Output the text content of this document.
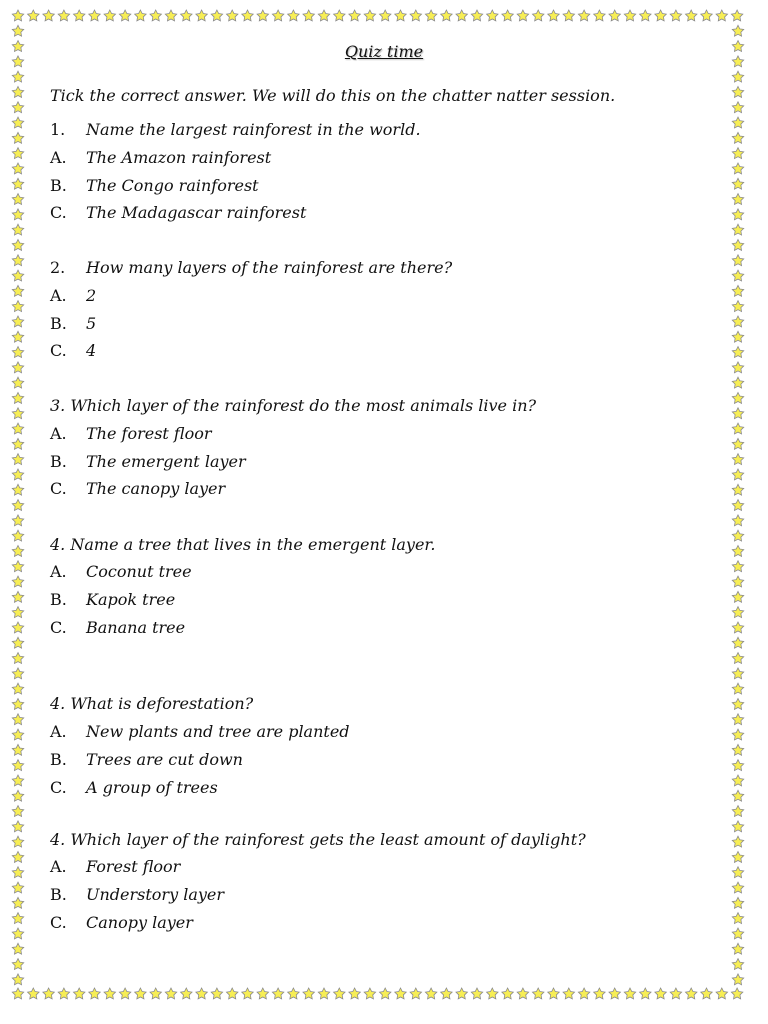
Quiz time
Tick the correct answer. We will do this on the chatter natter session.
1. Name the largest rainforest in the world.
A. The Amazon rainforest
B. The Congo rainforest
C. The Madagascar rainforest
2. How many layers of the rainforest are there?
A. 2
B. 5
C. 4
3. Which layer of the rainforest do the most animals live in?
A. The forest floor
B. The emergent layer
C. The canopy layer
4. Name a tree that lives in the emergent layer.
A. Coconut tree
B. Kapok tree
C. Banana tree
4. What is deforestation?
A. New plants and tree are planted
B. Trees are cut down
C. A group of trees
4. Which layer of the rainforest gets the least amount of daylight?
A. Forest floor
B. Understory layer
C. Canopy layer
